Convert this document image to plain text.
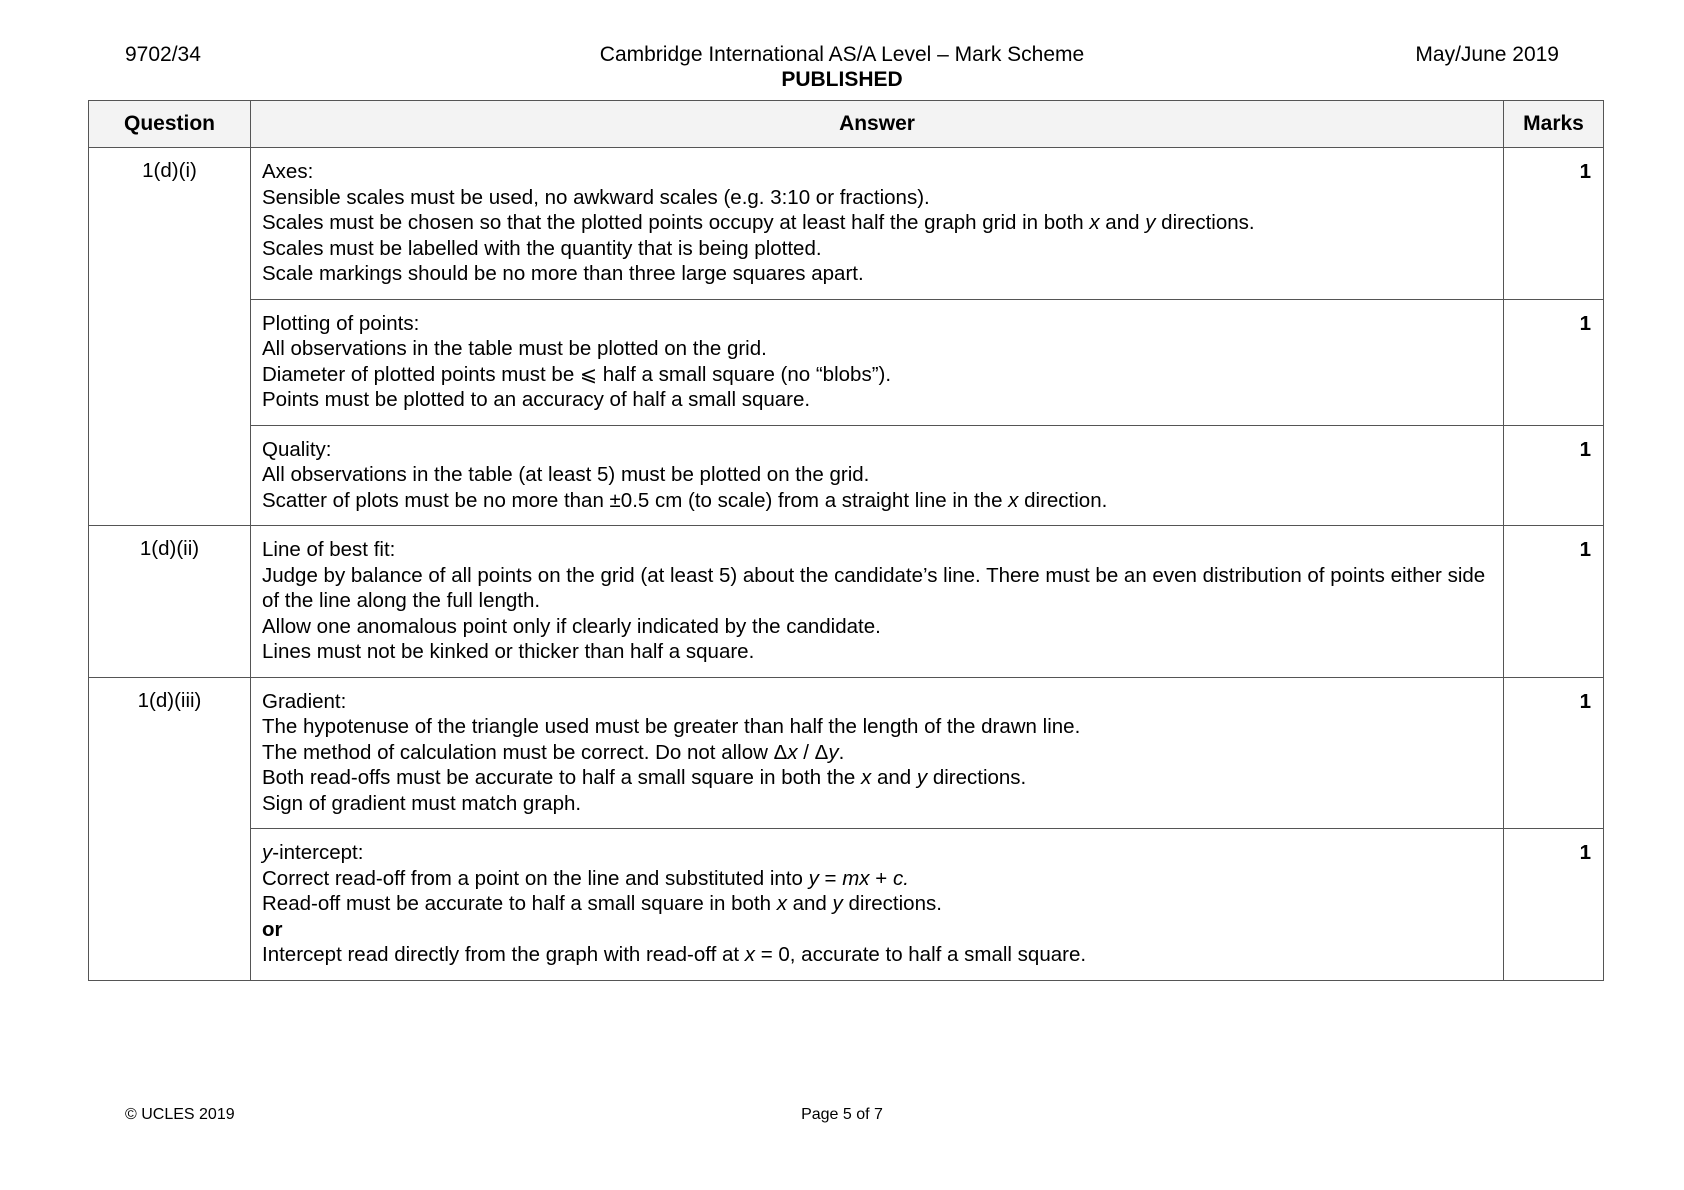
9702/34	Cambridge International AS/A Level – Mark Scheme
PUBLISHED
May/June 2019
Question	Answer	Marks
1(d)(i)	Axes:
Sensible scales must be used, no awkward scales (e.g. 3:10 or fractions).
Scales must be chosen so that the plotted points occupy at least half the graph grid in both x and y directions.
Scales must be labelled with the quantity that is being plotted.
Scale markings should be no more than three large squares apart.	1

	Plotting of points:
All observations in the table must be plotted on the grid.
Diameter of plotted points must be ⩽ half a small square (no “blobs”).
Points must be plotted to an accuracy of half a small square.	1

	Quality:
All observations in the table (at least 5) must be plotted on the grid.
Scatter of plots must be no more than ±0.5 cm (to scale) from a straight line in the x direction.	1
1(d)(ii)	Line of best fit:
Judge by balance of all points on the grid (at least 5) about the candidate’s line. There must be an even distribution of points either side of the line along the full length.
Allow one anomalous point only if clearly indicated by the candidate.
Lines must not be kinked or thicker than half a square.	1
1(d)(iii)	Gradient:
The hypotenuse of the triangle used must be greater than half the length of the drawn line.
The method of calculation must be correct. Do not allow Δx / Δy.
Both read-offs must be accurate to half a small square in both the x and y directions.
Sign of gradient must match graph.	1

	y-intercept:
Correct read-off from a point on the line and substituted into y = mx + c.
Read-off must be accurate to half a small square in both x and y directions.
or
Intercept read directly from the graph with read-off at x = 0, accurate to half a small square.	1
© UCLES 2019	Page 5 of 7
